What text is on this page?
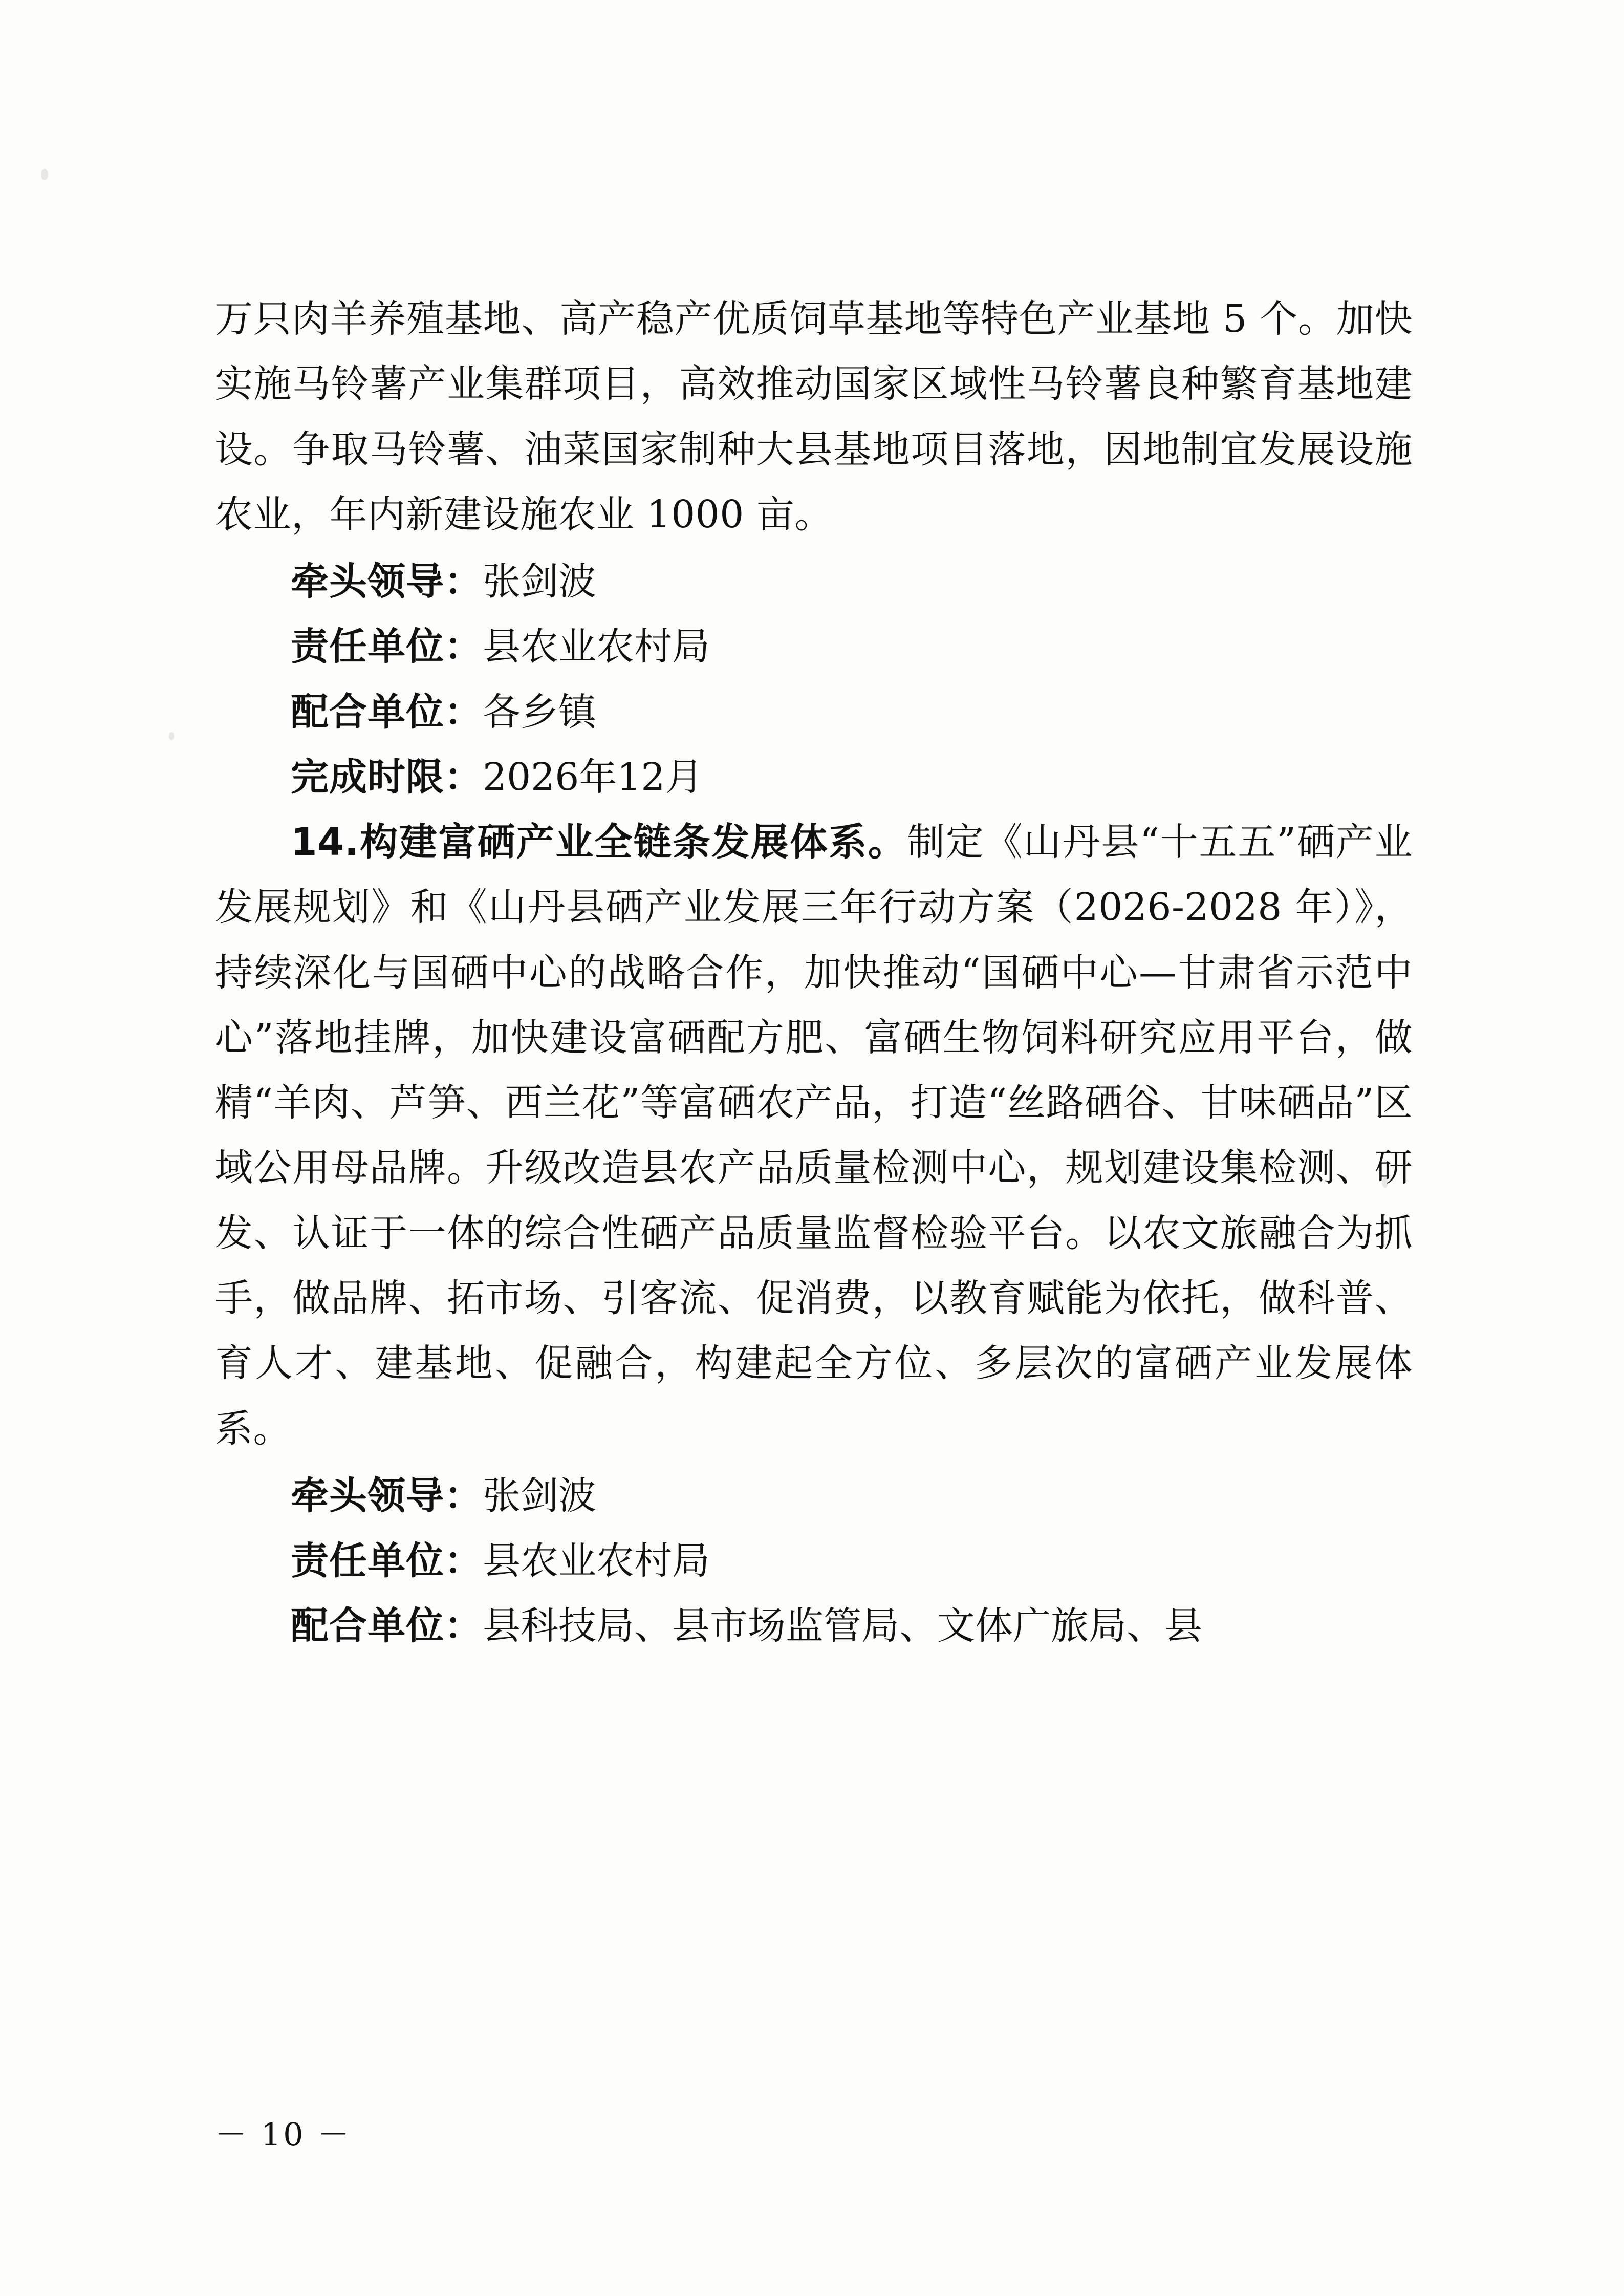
万只肉羊养殖基地、高产稳产优质饲草基地等特色产业基地 5 个。加快实施马铃薯产业集群项目，高效推动国家区域性马铃薯良种繁育基地建设。争取马铃薯、油菜国家制种大县基地项目落地，因地制宜发展设施农业，年内新建设施农业 1000 亩。

牵头领导：张剑波

责任单位：县农业农村局

配合单位：各乡镇

完成时限：2026年12月

14.构建富硒产业全链条发展体系。制定《山丹县“十五五”硒产业发展规划》和《山丹县硒产业发展三年行动方案（2026-2028 年）》，持续深化与国硒中心的战略合作，加快推动“国硒中心—甘肃省示范中心”落地挂牌，加快建设富硒配方肥、富硒生物饲料研究应用平台，做精“羊肉、芦笋、西兰花”等富硒农产品，打造“丝路硒谷、甘味硒品”区域公用母品牌。升级改造县农产品质量检测中心，规划建设集检测、研发、认证于一体的综合性硒产品质量监督检验平台。以农文旅融合为抓手，做品牌、拓市场、引客流、促消费，以教育赋能为依托，做科普、育人才、建基地、促融合，构建起全方位、多层次的富硒产业发展体系。

牵头领导：张剑波

责任单位：县农业农村局

配合单位：县科技局、县市场监管局、文体广旅局、县

－ 10 －
